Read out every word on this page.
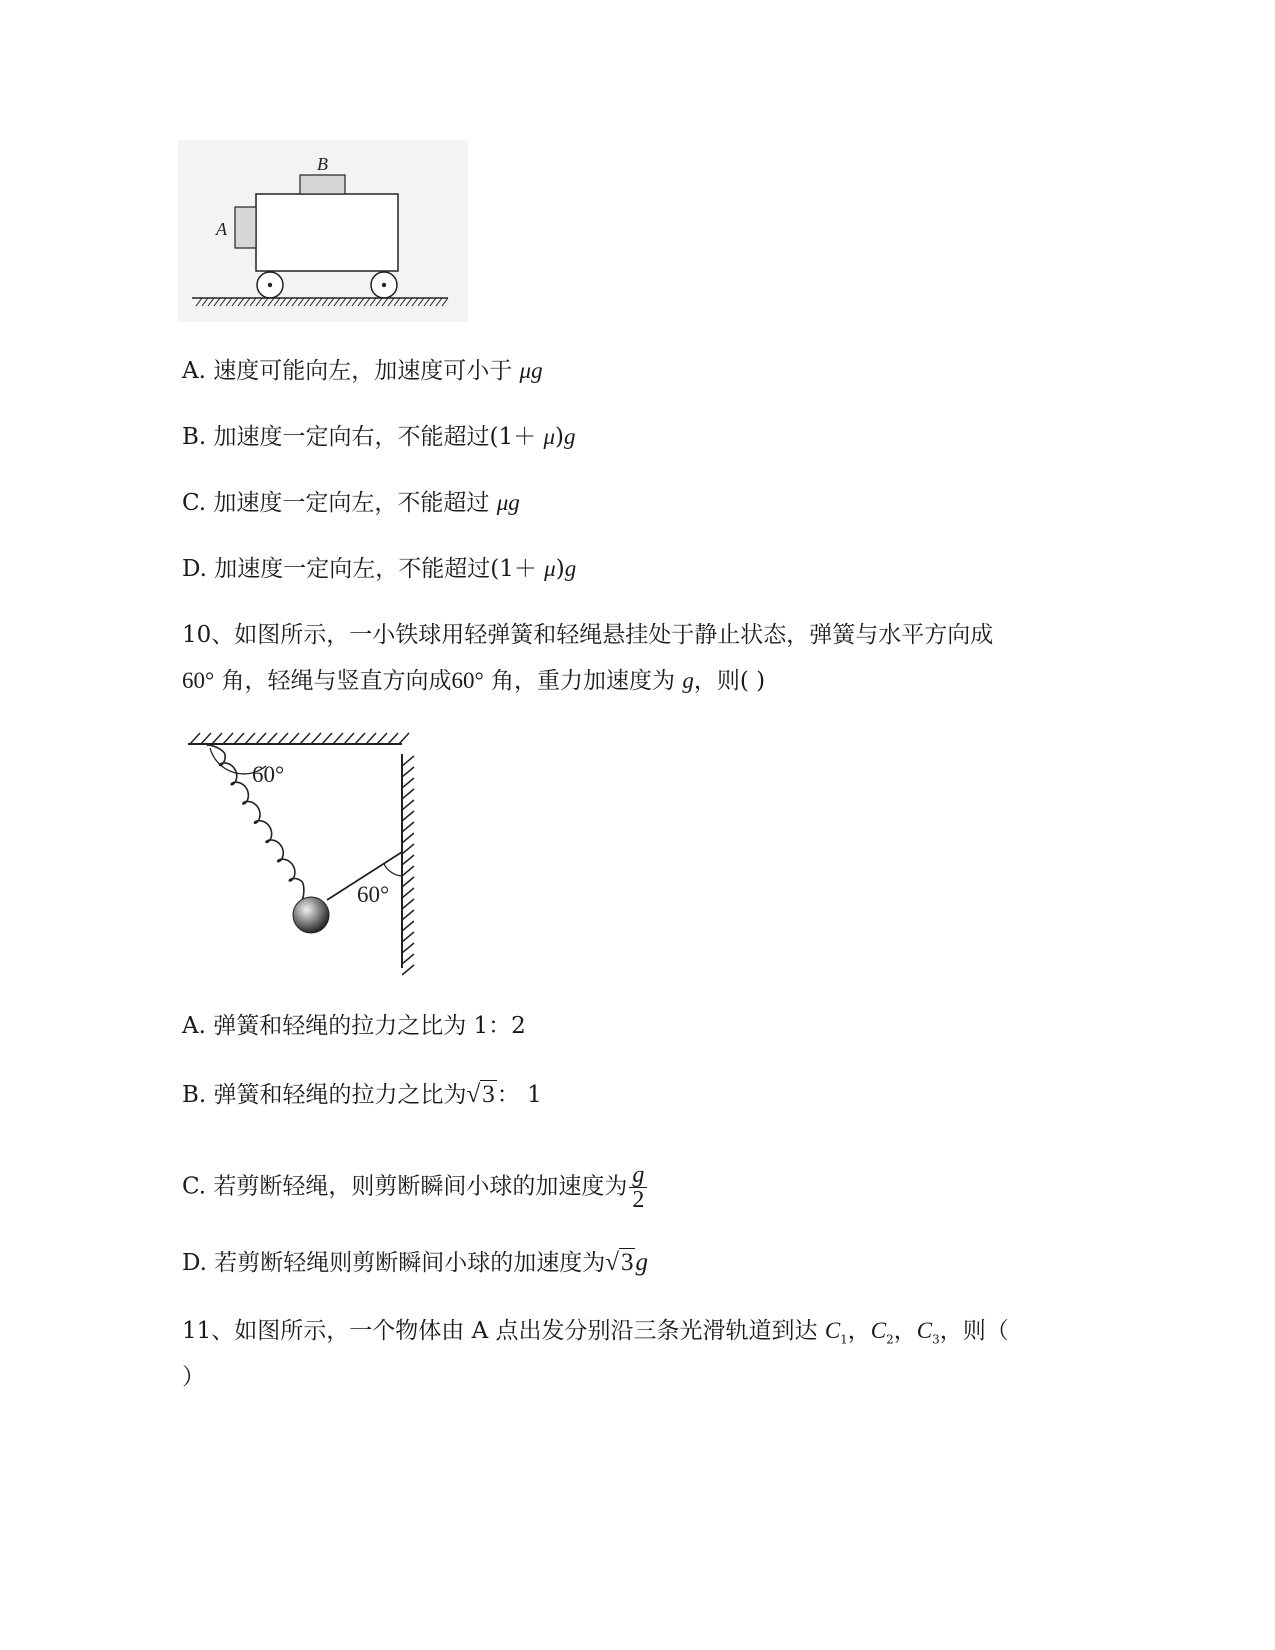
A
B
A. 速度可能向左，加速度可小于 μg
B. 加速度一定向右，不能超过(1＋ μ)g
C. 加速度一定向左，不能超过 μg
D. 加速度一定向左，不能超过(1＋ μ)g
10、如图所示，一小铁球用轻弹簧和轻绳悬挂处于静止状态，弹簧与水平方向成
60° 角，轻绳与竖直方向成60° 角，重力加速度为 g，则( )
60°
60°
A. 弹簧和轻绳的拉力之比为 1：2
B. 弹簧和轻绳的拉力之比为√3： 1
C. 若剪断轻绳，则剪断瞬间小球的加速度为 $\frac{g}{2}$
D. 若剪断轻绳则剪断瞬间小球的加速度为√3g
11、如图所示，一个物体由 A 点出发分别沿三条光滑轨道到达 $C_1$，$C_2$，$C_3$，则（
）
